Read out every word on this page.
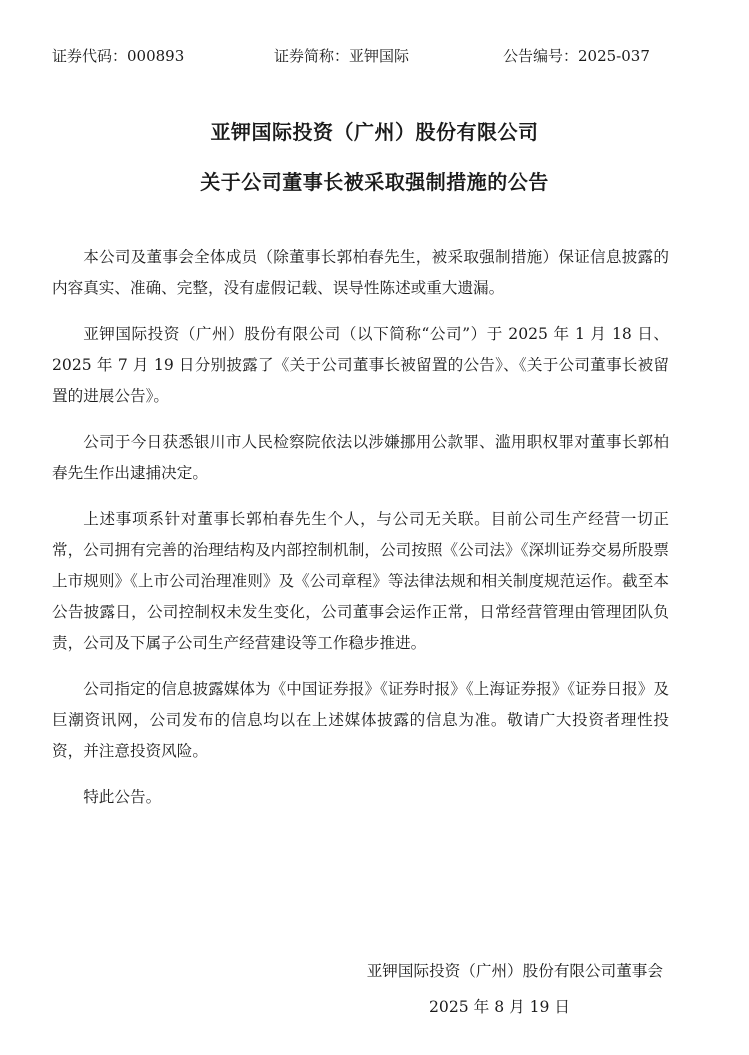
证券代码：000893	证券简称：亚钾国际	公告编号：2025-037
亚钾国际投资（广州）股份有限公司
关于公司董事长被采取强制措施的公告

本公司及董事会全体成员（除董事长郭柏春先生，被采取强制措施）保证信息披露的内容真实、准确、完整，没有虚假记载、误导性陈述或重大遗漏。

亚钾国际投资（广州）股份有限公司（以下简称“公司”）于 2025 年 1 月 18 日、2025 年 7 月 19 日分别披露了《关于公司董事长被留置的公告》、《关于公司董事长被留置的进展公告》。

公司于今日获悉银川市人民检察院依法以涉嫌挪用公款罪、滥用职权罪对董事长郭柏春先生作出逮捕决定。

上述事项系针对董事长郭柏春先生个人，与公司无关联。目前公司生产经营一切正常，公司拥有完善的治理结构及内部控制机制，公司按照《公司法》《深圳证券交易所股票上市规则》《上市公司治理准则》及《公司章程》等法律法规和相关制度规范运作。截至本公告披露日，公司控制权未发生变化，公司董事会运作正常，日常经营管理由管理团队负责，公司及下属子公司生产经营建设等工作稳步推进。

公司指定的信息披露媒体为《中国证券报》《证券时报》《上海证券报》《证券日报》及巨潮资讯网，公司发布的信息均以在上述媒体披露的信息为准。敬请广大投资者理性投资，并注意投资风险。

特此公告。

亚钾国际投资（广州）股份有限公司董事会
2025 年 8 月 19 日
